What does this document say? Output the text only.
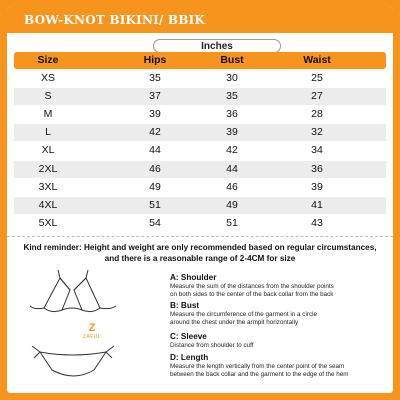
BOW-KNOT BIKINI/ BBIK
Inches
Size	Hips	Bust	Waist
XS	35	30	25
S	37	35	27
M	39	36	28
L	42	39	32
XL	44	42	34
2XL	46	44	36
3XL	49	46	39
4XL	51	49	41
5XL	54	51	43
Kind reminder: Height and weight are only recommended based on regular circumstances,
and there is a reasonable range of 2-4CM for size
Z
ZAFUL
A: Shoulder
Measure the sum of the distances from the shoulder points
on both sides to the center of the back collar from the back
B: Bust
Measure the circumference of the garment in a circle
around the chest under the armpit horizontally
C: Sleeve
Distance from shoulder to cuff
D: Length
Measure the length vertically from the center point of the seam
between the back collar and the garment to the edge of the hem
